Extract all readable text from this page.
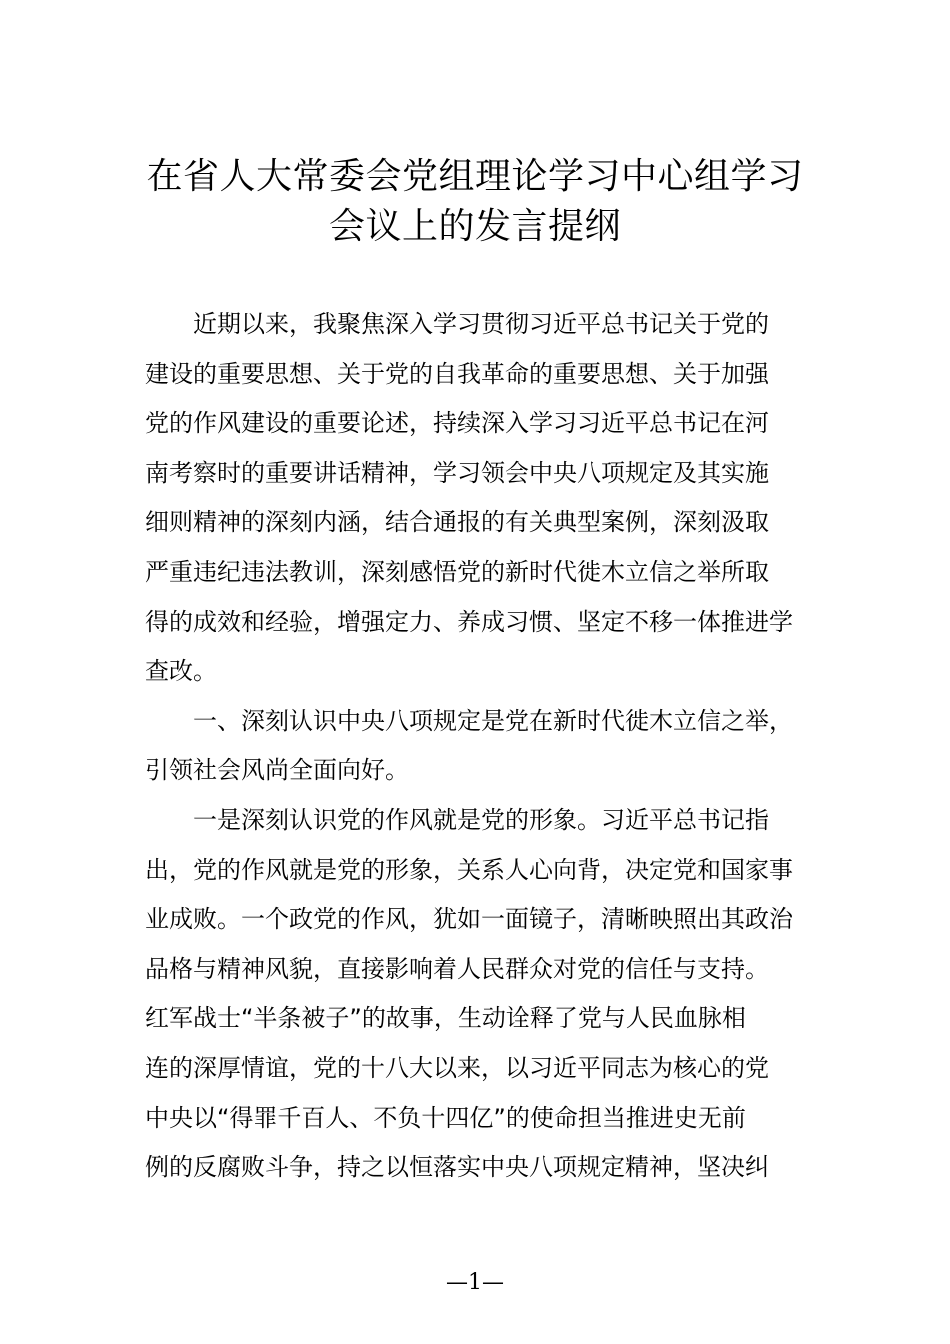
在省人大常委会党组理论学习中心组学习
会议上的发言提纲
近期以来，我聚焦深入学习贯彻习近平总书记关于党的
建设的重要思想、关于党的自我革命的重要思想、关于加强
党的作风建设的重要论述，持续深入学习习近平总书记在河
南考察时的重要讲话精神，学习领会中央八项规定及其实施
细则精神的深刻内涵，结合通报的有关典型案例，深刻汲取
严重违纪违法教训，深刻感悟党的新时代徙木立信之举所取
得的成效和经验，增强定力、养成习惯、坚定不移一体推进学
查改。
一、深刻认识中央八项规定是党在新时代徙木立信之举，
引领社会风尚全面向好。
一是深刻认识党的作风就是党的形象。习近平总书记指
出，党的作风就是党的形象，关系人心向背，决定党和国家事
业成败。一个政党的作风，犹如一面镜子，清晰映照出其政治
品格与精神风貌，直接影响着人民群众对党的信任与支持。
红军战士“半条被子”的故事，生动诠释了党与人民血脉相
连的深厚情谊，党的十八大以来，以习近平同志为核心的党
中央以“得罪千百人、不负十四亿”的使命担当推进史无前
例的反腐败斗争，持之以恒落实中央八项规定精神，坚决纠
—1—
